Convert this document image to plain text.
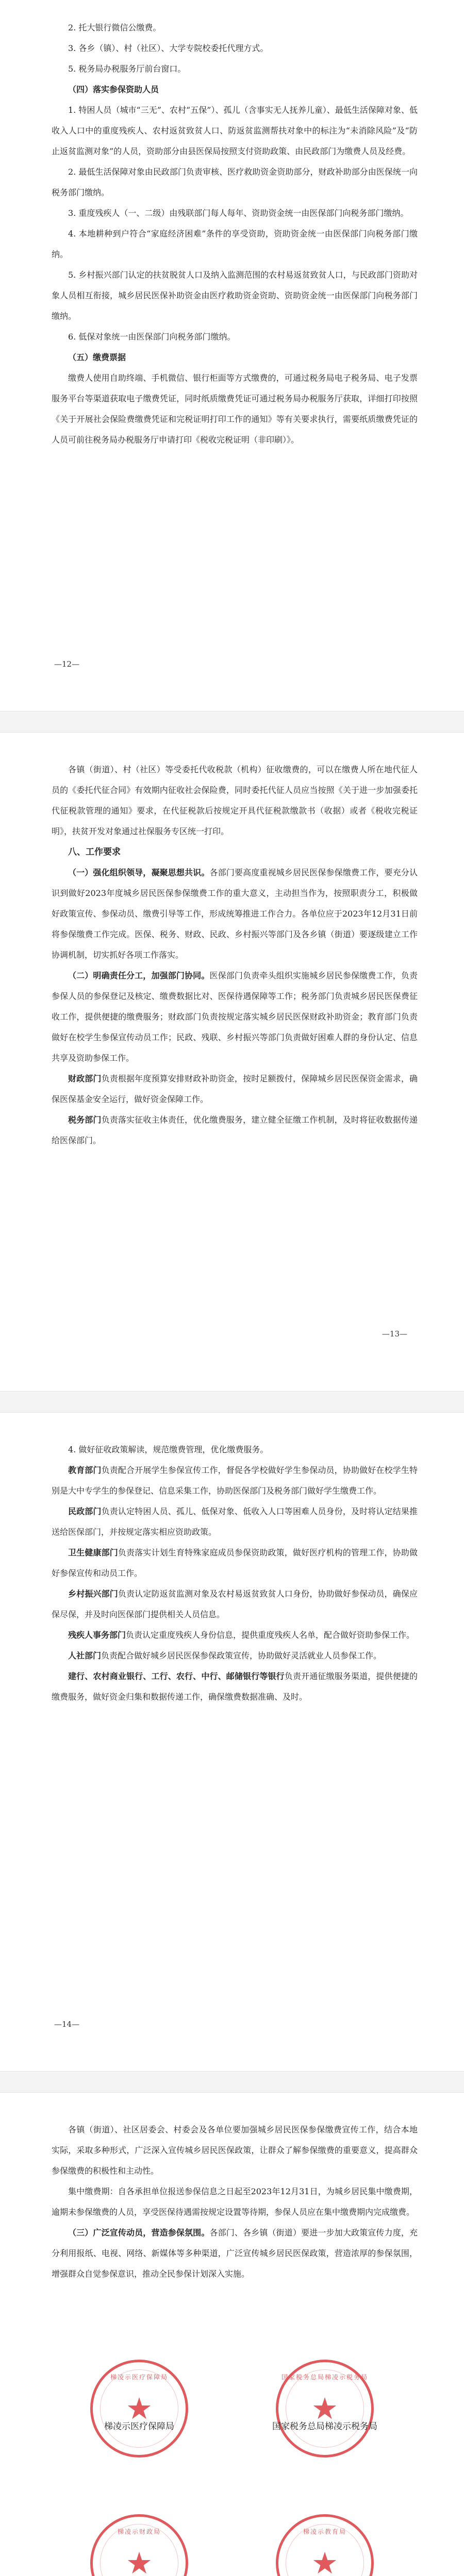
2. 托大银行微信公缴费。

3. 各乡（镇）、村（社区）、大学专院校委托代理方式。

5. 税务局办税服务厅前台窗口。

（四）落实参保资助人员

1. 特困人员（城市“三无”、农村“五保”）、孤儿（含事实无人抚养儿童）、最低生活保障对象、低收入人口中的重度残疾人、农村返贫致贫人口、防返贫监测帮扶对象中的标注为“未消除风险”及“防止返贫监测对象”的人员，资助部分由县医保局按照支付资助政策、由民政部门为缴费人员及经费。

2. 最低生活保障对象由民政部门负责审核、医疗救助资金资助部分，财政补助部分由医保统一向税务部门缴纳。

3. 重度残疾人（一、二级）由残联部门每人每年、资助资金统一由医保部门向税务部门缴纳。

4. 本地耕种到户符合“家庭经济困难”条件的享受资助，资助资金统一由医保部门向税务部门缴纳。

5. 乡村振兴部门认定的扶贫脱贫人口及纳入监测范围的农村易返贫致贫人口，与民政部门资助对象人员相互衔接，城乡居民医保补助资金由医疗救助资金资助、资助资金统一由医保部门向税务部门缴纳。

6. 低保对象统一由医保部门向税务部门缴纳。

（五）缴费票据

缴费人使用自助终端、手机微信、银行柜面等方式缴费的，可通过税务局电子税务局、电子发票服务平台等渠道获取电子缴费凭证，同时纸质缴费凭证可通过税务局办税服务厅获取，详细打印按照《关于开展社会保险费缴费凭证和完税证明打印工作的通知》等有关要求执行，需要纸质缴费凭证的人员可前往税务局办税服务厅申请打印《税收完税证明（非印刷）》。

—12—

各镇（街道）、村（社区）等受委托代收税款（机构）征收缴费的，可以在缴费人所在地代征人员的《委托代征合同》有效期内征收社会保险费，同时委托代征人员应当按照《关于进一步加强委托代征税款管理的通知》要求，在代征税款后按规定开具代征税款缴款书（收据）或者《税收完税证明》，扶贫开发对象通过社保服务专区统一打印。

八、工作要求

（一）强化组织领导，凝聚思想共识。各部门要高度重视城乡居民医保参保缴费工作，要充分认识到做好2023年度城乡居民医保参保缴费工作的重大意义，主动担当作为，按照职责分工，积极做好政策宣传、参保动员、缴费引导等工作，形成统筹推进工作合力。各单位应于2023年12月31日前将参保缴费工作完成。医保、税务、财政、民政、乡村振兴等部门及各乡镇（街道）要逐级建立工作协调机制，切实抓好各项工作落实。

（二）明确责任分工，加强部门协同。医保部门负责牵头组织实施城乡居民参保缴费工作，负责参保人员的参保登记及核定、缴费数据比对、医保待遇保障等工作；税务部门负责城乡居民医保费征收工作，提供便捷的缴费服务；财政部门负责按规定落实城乡居民医保财政补助资金；教育部门负责做好在校学生参保宣传动员工作；民政、残联、乡村振兴等部门负责做好困难人群的身份认定、信息共享及资助参保工作。

财政部门负责根据年度预算安排财政补助资金，按时足额拨付，保障城乡居民医保资金需求，确保医保基金安全运行，做好资金保障工作。

税务部门负责落实征收主体责任，优化缴费服务，建立健全征缴工作机制，及时将征收数据传递给医保部门。

—13—

4. 做好征收政策解读，规范缴费管理，优化缴费服务。

教育部门负责配合开展学生参保宣传工作，督促各学校做好学生参保动员，协助做好在校学生特别是大中专学生的参保登记、信息采集工作，协助医保部门及税务部门做好学生缴费工作。

民政部门负责认定特困人员、孤儿、低保对象、低收入人口等困难人员身份，及时将认定结果推送给医保部门，并按规定落实相应资助政策。

卫生健康部门负责落实计划生育特殊家庭成员参保资助政策，做好医疗机构的管理工作，协助做好参保宣传和动员工作。

乡村振兴部门负责认定防返贫监测对象及农村易返贫致贫人口身份，协助做好参保动员，确保应保尽保，并及时向医保部门提供相关人员信息。

残疾人事务部门负责认定重度残疾人身份信息，提供重度残疾人名单，配合做好资助参保工作。

人社部门负责配合做好城乡居民医保参保政策宣传，协助做好灵活就业人员参保工作。

建行、农村商业银行、工行、农行、中行、邮储银行等银行负责开通征缴服务渠道，提供便捷的缴费服务，做好资金归集和数据传递工作，确保缴费数据准确、及时。

—14—

各镇（街道）、社区居委会、村委会及各单位要加强城乡居民医保参保缴费宣传工作，结合本地实际，采取多种形式，广泛深入宣传城乡居民医保政策，让群众了解参保缴费的重要意义，提高群众参保缴费的积极性和主动性。

集中缴费期：自各承担单位报送参保信息之日起至2023年12月31日，为城乡居民集中缴费期，逾期未参保缴费的人员，享受医保待遇需按规定设置等待期，参保人员应在集中缴费期内完成缴费。

（三）广泛宣传动员，营造参保氛围。各部门、各乡镇（街道）要进一步加大政策宣传力度，充分利用报纸、电视、网络、新媒体等多种渠道，广泛宣传城乡居民医保政策，营造浓厚的参保氛围，增强群众自觉参保意识，推动全民参保计划深入实施。

梯凌示医疗保障局
★
梯凌示医疗保障局
国家税务总局梯凌示税务局
★
国家税务总局梯凌示税务局
梯凌示财政局
★
梯凌示教育局
★
